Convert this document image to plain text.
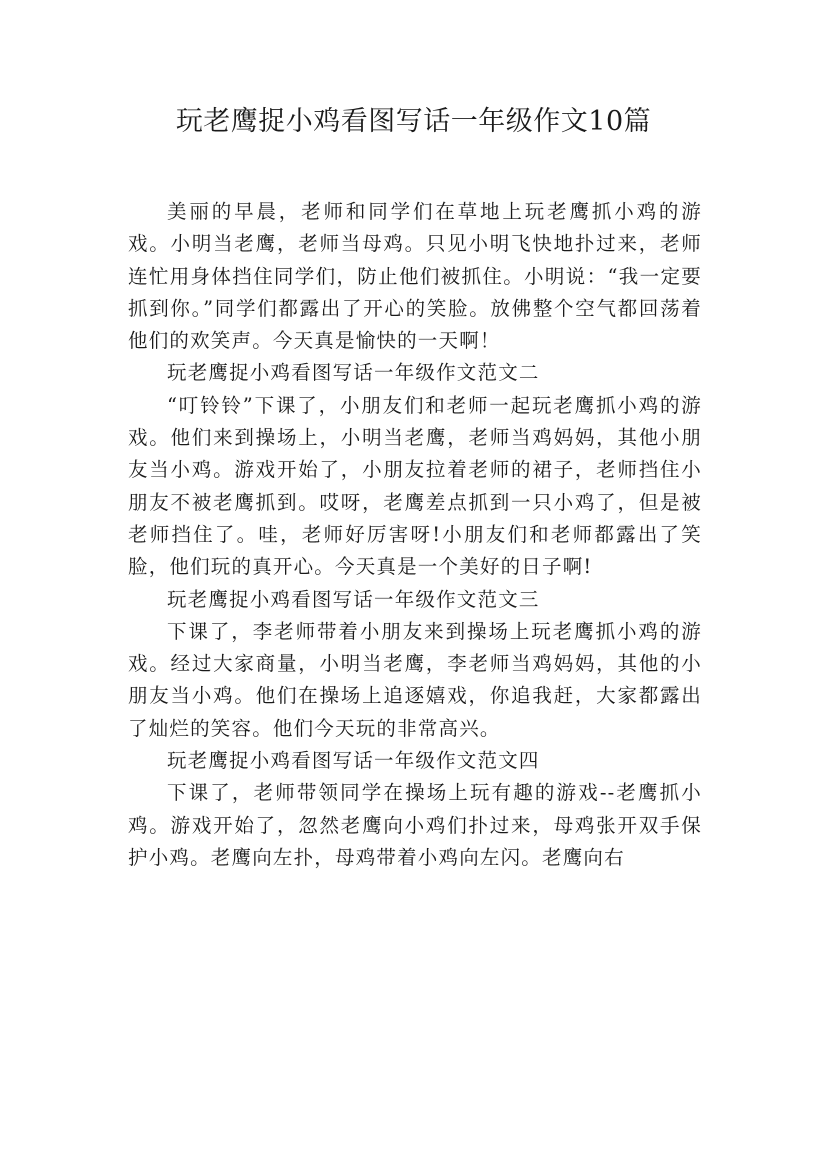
玩老鹰捉小鸡看图写话一年级作文10篇

美丽的早晨，老师和同学们在草地上玩老鹰抓小鸡的游戏。小明当老鹰，老师当母鸡。只见小明飞快地扑过来，老师连忙用身体挡住同学们，防止他们被抓住。小明说：“我一定要抓到你。”同学们都露出了开心的笑脸。放佛整个空气都回荡着他们的欢笑声。今天真是愉快的一天啊！

玩老鹰捉小鸡看图写话一年级作文范文二

“叮铃铃”下课了，小朋友们和老师一起玩老鹰抓小鸡的游戏。他们来到操场上，小明当老鹰，老师当鸡妈妈，其他小朋友当小鸡。游戏开始了，小朋友拉着老师的裙子，老师挡住小朋友不被老鹰抓到。哎呀，老鹰差点抓到一只小鸡了，但是被老师挡住了。哇，老师好厉害呀!小朋友们和老师都露出了笑脸，他们玩的真开心。今天真是一个美好的日子啊!

玩老鹰捉小鸡看图写话一年级作文范文三

下课了，李老师带着小朋友来到操场上玩老鹰抓小鸡的游戏。经过大家商量，小明当老鹰，李老师当鸡妈妈，其他的小朋友当小鸡。他们在操场上追逐嬉戏，你追我赶，大家都露出了灿烂的笑容。他们今天玩的非常高兴。

玩老鹰捉小鸡看图写话一年级作文范文四

下课了，老师带领同学在操场上玩有趣的游戏--老鹰抓小鸡。游戏开始了，忽然老鹰向小鸡们扑过来，母鸡张开双手保护小鸡。老鹰向左扑，母鸡带着小鸡向左闪。老鹰向右
